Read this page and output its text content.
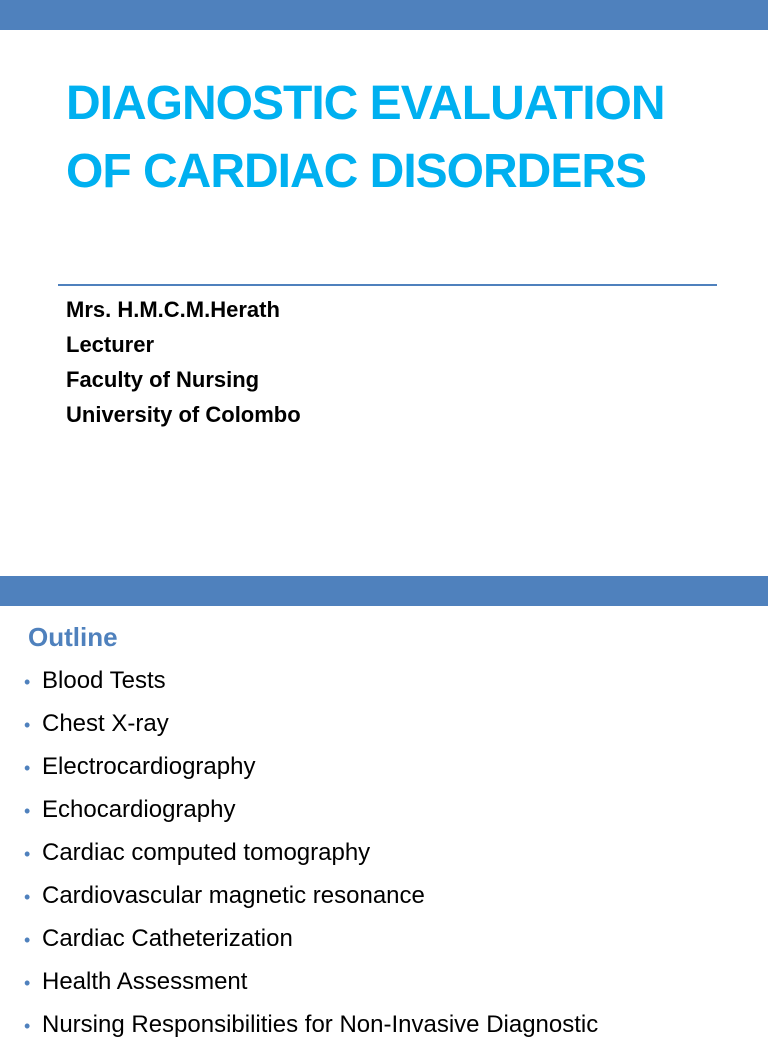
DIAGNOSTIC EVALUATION
OF CARDIAC DISORDERS
Mrs. H.M.C.M.Herath
Lecturer
Faculty of Nursing
University of Colombo
Outline
• Blood Tests
• Chest X-ray
• Electrocardiography
• Echocardiography
• Cardiac computed tomography
• Cardiovascular magnetic resonance
• Cardiac Catheterization
• Health Assessment
• Nursing Responsibilities for Non-Invasive Diagnostic
